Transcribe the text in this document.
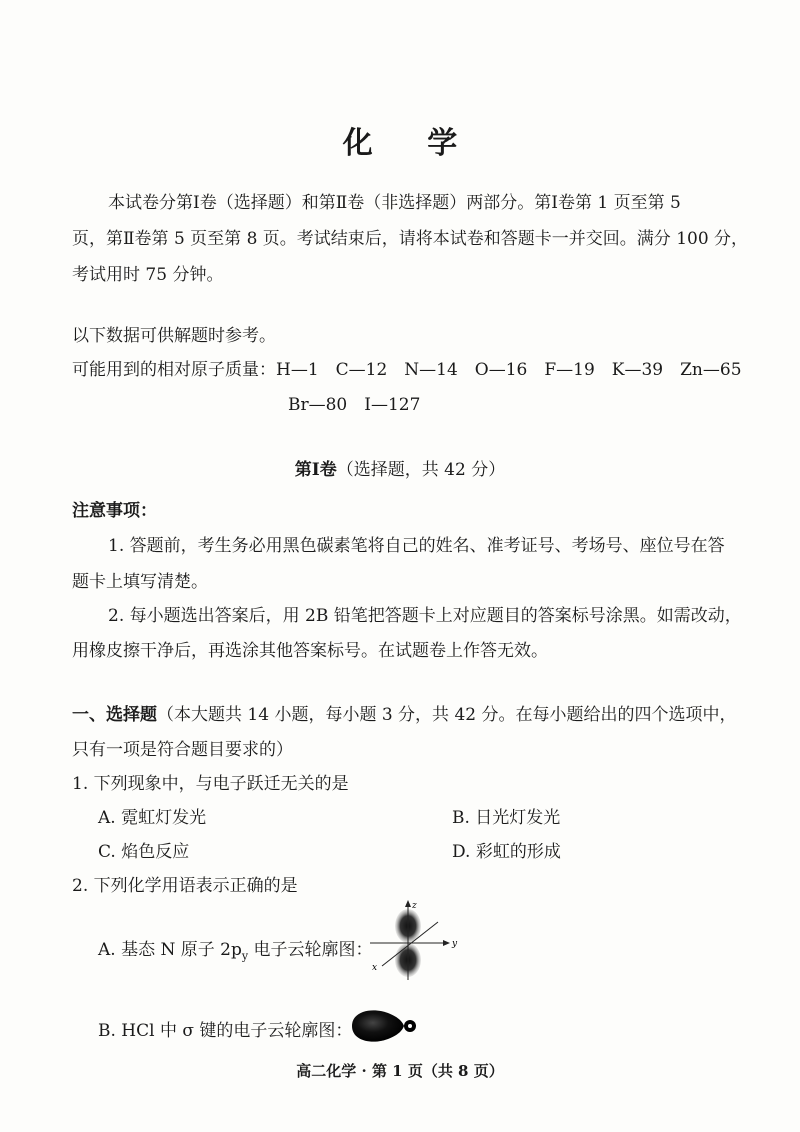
化 学
本试卷分第Ⅰ卷（选择题）和第Ⅱ卷（非选择题）两部分。第Ⅰ卷第 1 页至第 5
页，第Ⅱ卷第 5 页至第 8 页。考试结束后，请将本试卷和答题卡一并交回。满分 100 分，
考试用时 75 分钟。
以下数据可供解题时参考。
可能用到的相对原子质量：H—1　C—12　N—14　O—16　F—19　K—39　Zn—65
Br—80　I—127
第Ⅰ卷（选择题，共 42 分）
注意事项：
1. 答题前，考生务必用黑色碳素笔将自己的姓名、准考证号、考场号、座位号在答
题卡上填写清楚。
2. 每小题选出答案后，用 2B 铅笔把答题卡上对应题目的答案标号涂黑。如需改动，
用橡皮擦干净后，再选涂其他答案标号。在试题卷上作答无效。
一、选择题（本大题共 14 小题，每小题 3 分，共 42 分。在每小题给出的四个选项中，
只有一项是符合题目要求的）
1. 下列现象中，与电子跃迁无关的是
A. 霓虹灯发光	B. 日光灯发光
C. 焰色反应	D. 彩虹的形成
2. 下列化学用语表示正确的是
A. 基态 N 原子 $2p_y$ 电子云轮廓图：
z
y
x
B. HCl 中 σ 键的电子云轮廓图：
高二化学 · 第 1 页（共 8 页）
